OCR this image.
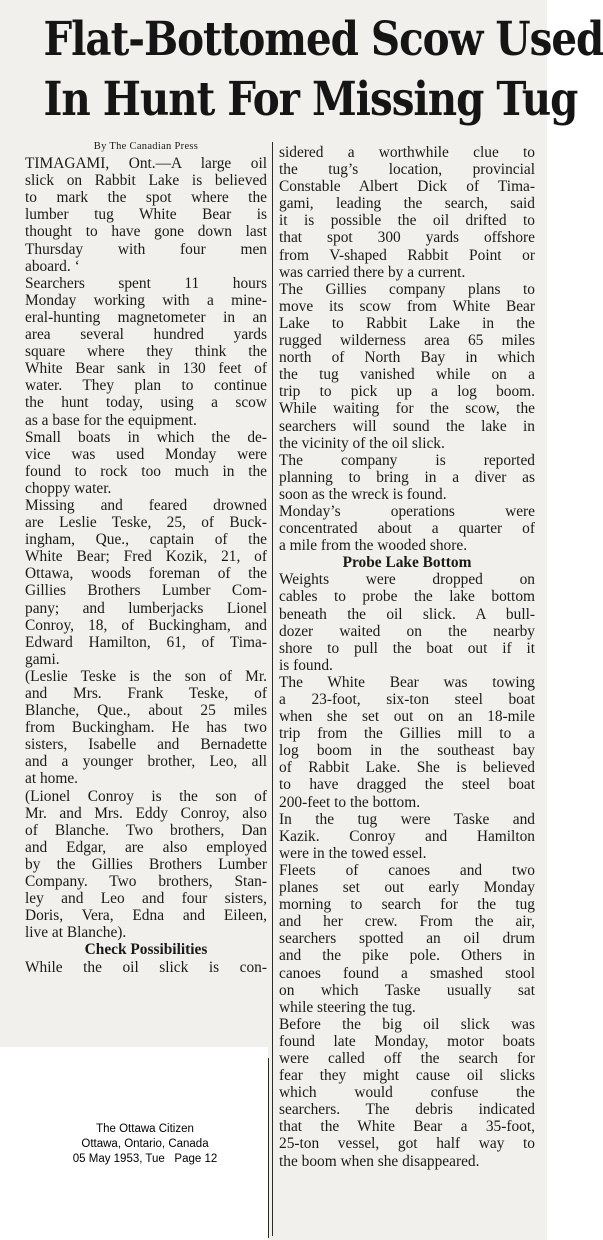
Flat-Bottomed Scow Used
In Hunt For Missing Tug
By The Canadian Press
TIMAGAMI, Ont.—A large oil
slick on Rabbit Lake is believed
to mark the spot where the
lumber tug White Bear is
thought to have gone down last
Thursday with four men
aboard. ‘
Searchers spent 11 hours
Monday working with a mine-
eral-hunting magnetometer in an
area several hundred yards
square where they think the
White Bear sank in 130 feet of
water. They plan to continue
the hunt today, using a scow
as a base for the equipment.
Small boats in which the de-
vice was used Monday were
found to rock too much in the
choppy water.
Missing and feared drowned
are Leslie Teske, 25, of Buck-
ingham, Que., captain of the
White Bear; Fred Kozik, 21, of
Ottawa, woods foreman of the
Gillies Brothers Lumber Com-
pany; and lumberjacks Lionel
Conroy, 18, of Buckingham, and
Edward Hamilton, 61, of Tima-
gami.
(Leslie Teske is the son of Mr.
and Mrs. Frank Teske, of
Blanche, Que., about 25 miles
from Buckingham. He has two
sisters, Isabelle and Bernadette
and a younger brother, Leo, all
at home.
(Lionel Conroy is the son of
Mr. and Mrs. Eddy Conroy, also
of Blanche. Two brothers, Dan
and Edgar, are also employed
by the Gillies Brothers Lumber
Company. Two brothers, Stan-
ley and Leo and four sisters,
Doris, Vera, Edna and Eileen,
live at Blanche).
Check Possibilities
While the oil slick is con-
sidered a worthwhile clue to
the tug’s location, provincial
Constable Albert Dick of Tima-
gami, leading the search, said
it is possible the oil drifted to
that spot 300 yards offshore
from V-shaped Rabbit Point or
was carried there by a current.
The Gillies company plans to
move its scow from White Bear
Lake to Rabbit Lake in the
rugged wilderness area 65 miles
north of North Bay in which
the tug vanished while on a
trip to pick up a log boom.
While waiting for the scow, the
searchers will sound the lake in
the vicinity of the oil slick.
The company is reported
planning to bring in a diver as
soon as the wreck is found.
Monday’s operations were
concentrated about a quarter of
a mile from the wooded shore.
Probe Lake Bottom
Weights were dropped on
cables to probe the lake bottom
beneath the oil slick. A bull-
dozer waited on the nearby
shore to pull the boat out if it
is found.
The White Bear was towing
a 23-foot, six-ton steel boat
when she set out on an 18-mile
trip from the Gillies mill to a
log boom in the southeast bay
of Rabbit Lake. She is believed
to have dragged the steel boat
200-feet to the bottom.
In the tug were Taske and
Kazik. Conroy and Hamilton
were in the towed essel.
Fleets of canoes and two
planes set out early Monday
morning to search for the tug
and her crew. From the air,
searchers spotted an oil drum
and the pike pole. Others in
canoes found a smashed stool
on which Taske usually sat
while steering the tug.
Before the big oil slick was
found late Monday, motor boats
were called off the search for
fear they might cause oil slicks
which would confuse the
searchers. The debris indicated
that the White Bear a 35-foot,
25-ton vessel, got half way to
the boom when she disappeared.
The Ottawa Citizen
Ottawa, Ontario, Canada
05 May 1953, Tue   Page 12
